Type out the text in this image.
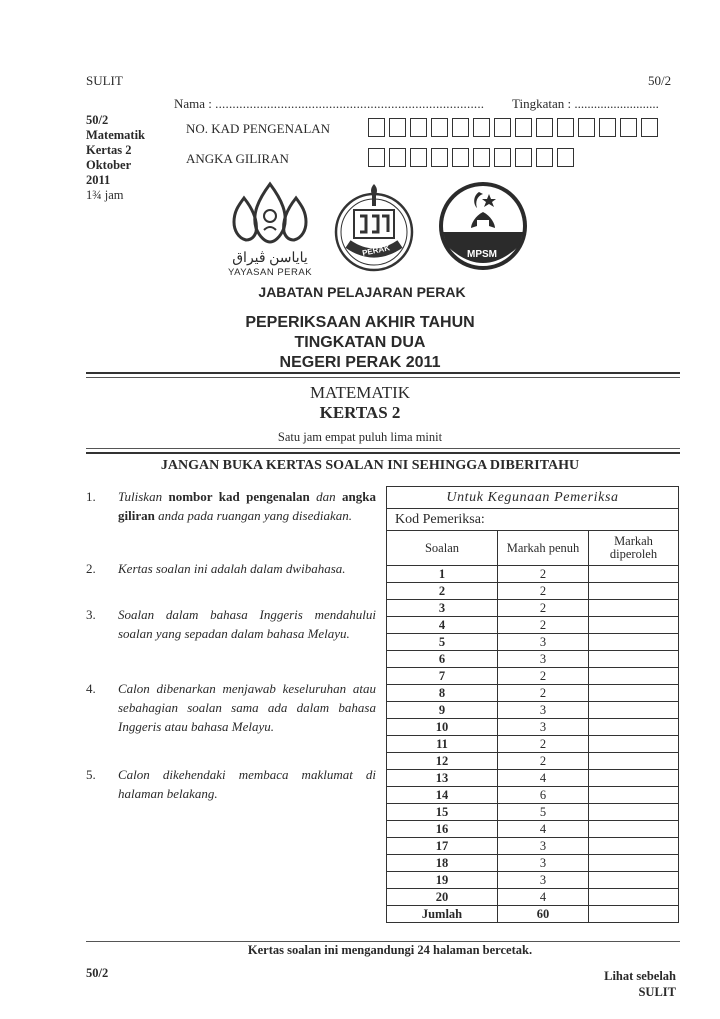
SULIT	50/2
Nama : .............................................................................. Tingkatan : ..........................
50/2
Matematik
Kertas 2
Oktober
2011
1¾ jam
NO. KAD PENGENALAN
ANGKA GILIRAN
ياياسن ڤيراق
YAYASAN PERAK
PERAK	MPSM
JABATAN PELAJARAN PERAK
PEPERIKSAAN AKHIR TAHUN
TINGKATAN DUA
NEGERI PERAK 2011
MATEMATIK
KERTAS 2
Satu jam empat puluh lima minit
JANGAN BUKA KERTAS SOALAN INI SEHINGGA DIBERITAHU
1. Tuliskan nombor kad pengenalan dan angka giliran anda pada ruangan yang disediakan.
2. Kertas soalan ini adalah dalam dwibahasa.
3. Soalan dalam bahasa Inggeris mendahului soalan yang sepadan dalam bahasa Melayu.
4. Calon dibenarkan menjawab keseluruhan atau sebahagian soalan sama ada dalam bahasa Inggeris atau bahasa Melayu.
5. Calon dikehendaki membaca maklumat di halaman belakang.
Untuk Kegunaan Pemeriksa		
Kod Pemeriksa:		
Soalan	Markah penuh	Markah diperoleh
1	2	
2	2	
3	2	
4	2	
5	3	
6	3	
7	2	
8	2	
9	3	
10	3	
11	2	
12	2	
13	4	
14	6	
15	5	
16	4	
17	3	
18	3	
19	3	
20	4	
Jumlah	60	
Kertas soalan ini mengandungi 24 halaman bercetak.
50/2	Lihat sebelah
SULIT
